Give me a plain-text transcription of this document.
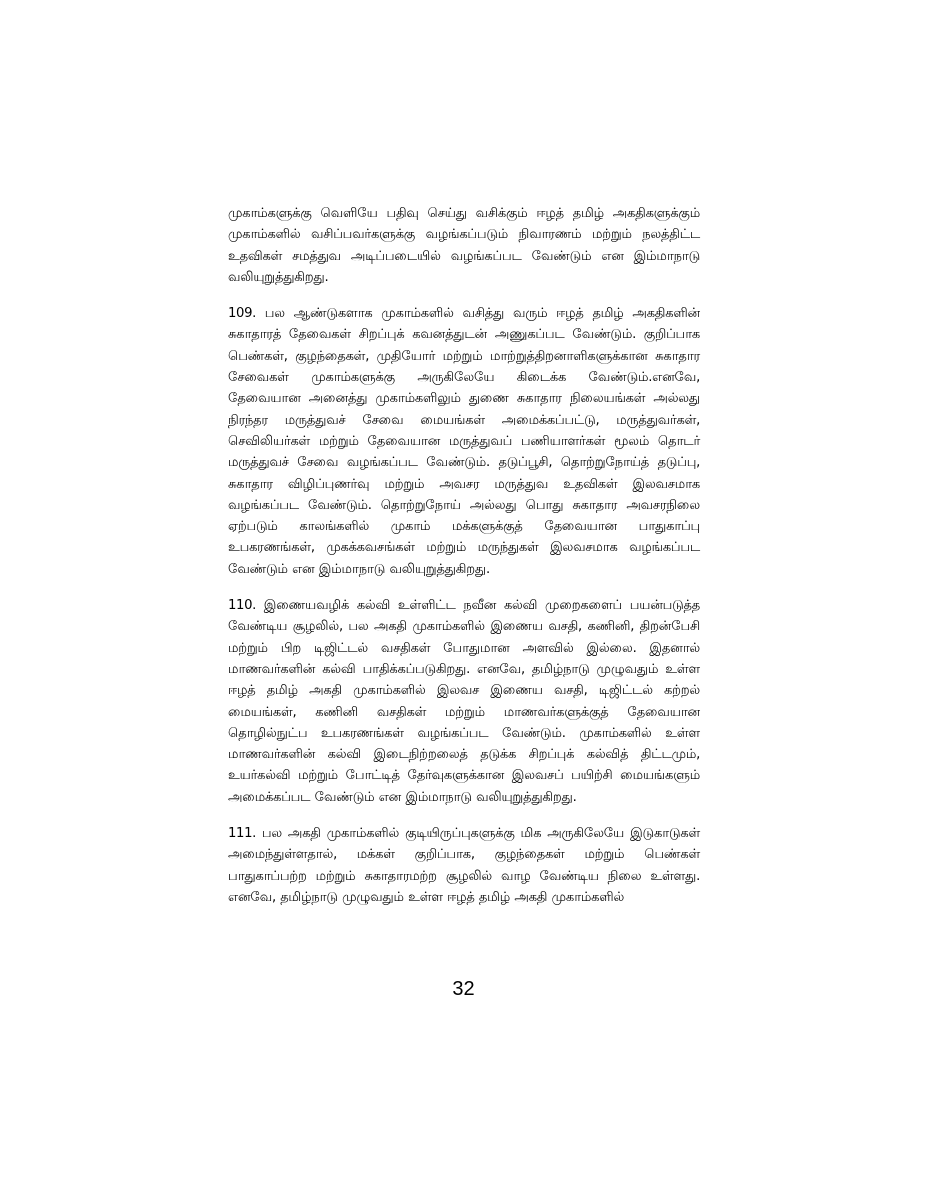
முகாம்களுக்கு வெளியே பதிவு செய்து வசிக்கும் ஈழத் தமிழ் அகதிகளுக்கும் முகாம்களில் வசிப்பவர்களுக்கு வழங்கப்படும் நிவாரணம் மற்றும் நலத்திட்ட உதவிகள் சமத்துவ அடிப்படையில் வழங்கப்பட வேண்டும் என இம்மாநாடு வலியுறுத்துகிறது.

109. பல ஆண்டுகளாக முகாம்களில் வசித்து வரும் ஈழத் தமிழ் அகதிகளின் சுகாதாரத் தேவைகள் சிறப்புக் கவனத்துடன் அணுகப்பட வேண்டும். குறிப்பாக பெண்கள், குழந்தைகள், முதியோர் மற்றும் மாற்றுத்திறனாளிகளுக்கான சுகாதார சேவைகள் முகாம்களுக்கு அருகிலேயே கிடைக்க வேண்டும்.எனவே, தேவையான அனைத்து முகாம்களிலும் துணை சுகாதார நிலையங்கள் அல்லது நிரந்தர மருத்துவச் சேவை மையங்கள் அமைக்கப்பட்டு, மருத்துவர்கள், செவிலியர்கள் மற்றும் தேவையான மருத்துவப் பணியாளர்கள் மூலம் தொடர் மருத்துவச் சேவை வழங்கப்பட வேண்டும். தடுப்பூசி, தொற்றுநோய்த் தடுப்பு, சுகாதார விழிப்புணர்வு மற்றும் அவசர மருத்துவ உதவிகள் இலவசமாக வழங்கப்பட வேண்டும். தொற்றுநோய் அல்லது பொது சுகாதார அவசரநிலை ஏற்படும் காலங்களில் முகாம் மக்களுக்குத் தேவையான பாதுகாப்பு உபகரணங்கள், முகக்கவசங்கள் மற்றும் மருந்துகள் இலவசமாக வழங்கப்பட வேண்டும் என இம்மாநாடு வலியுறுத்துகிறது.

110. இணையவழிக் கல்வி உள்ளிட்ட நவீன கல்வி முறைகளைப் பயன்படுத்த வேண்டிய சூழலில், பல அகதி முகாம்களில் இணைய வசதி, கணினி, திறன்பேசி மற்றும் பிற டிஜிட்டல் வசதிகள் போதுமான அளவில் இல்லை. இதனால் மாணவர்களின் கல்வி பாதிக்கப்படுகிறது. எனவே, தமிழ்நாடு முழுவதும் உள்ள ஈழத் தமிழ் அகதி முகாம்களில் இலவச இணைய வசதி, டிஜிட்டல் கற்றல் மையங்கள், கணினி வசதிகள் மற்றும் மாணவர்களுக்குத் தேவையான தொழில்நுட்ப உபகரணங்கள் வழங்கப்பட வேண்டும். முகாம்களில் உள்ள மாணவர்களின் கல்வி இடைநிற்றலைத் தடுக்க சிறப்புக் கல்வித் திட்டமும், உயர்கல்வி மற்றும் போட்டித் தேர்வுகளுக்கான இலவசப் பயிற்சி மையங்களும் அமைக்கப்பட வேண்டும் என இம்மாநாடு வலியுறுத்துகிறது.

111. பல அகதி முகாம்களில் குடியிருப்புகளுக்கு மிக அருகிலேயே இடுகாடுகள் அமைந்துள்ளதால், மக்கள் குறிப்பாக, குழந்தைகள் மற்றும் பெண்கள் பாதுகாப்பற்ற மற்றும் சுகாதாரமற்ற சூழலில் வாழ வேண்டிய நிலை உள்ளது. எனவே, தமிழ்நாடு முழுவதும் உள்ள ஈழத் தமிழ் அகதி முகாம்களில்

32
